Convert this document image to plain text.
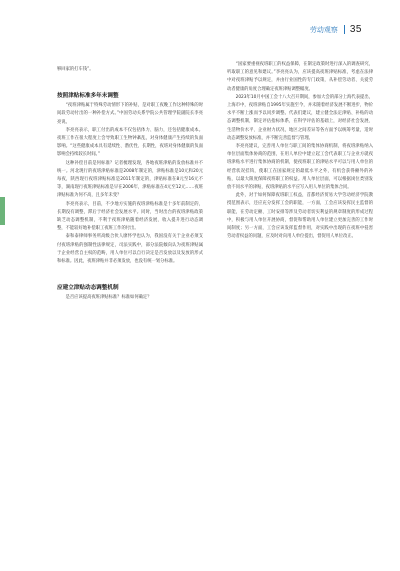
劳动观察 35

够回家的打车钱”。

按照津贴标准多年未调整

“夜班津贴属于特殊劳动情形下的补贴，是对职工夜晚工作这种特殊的时间段劳动付出的一种补偿方式。”中国劳动关系学院公共管理学院副院长李亮亮说。

李亮亮表示，职工付出的成本不仅包括体力、脑力，还包括健康成本。夜班工作在很大程度上会导致职工生物钟紊乱，对身体健康产生持续的负面影响。“这些健康成本具有延续性、潜伏性、长期性，夜班对身体健康的负面影响会持续较长时间。”

这种补偿目前是何标准？记者梳理发现，各地夜班津贴的发放标准并不统一。河北现行的夜班津贴标准是2008年制定的，津贴标准是10元和20元每夜，陕西现行夜班津贴标准是2011年制定的，津贴标准在8元至16元不等，湖南现行夜班津贴标准是早在2006年，津贴标准在4元至12元……夜班津贴标准为何不高，且多年未变？

李亮亮表示，目前，不少地方实施的夜班津贴标准是十多年前制定的，长期没有调整，滞后于经济社会发展水平。同时，当时出台的夜班津贴政策缺乏动态调整机制，不利于夜班津贴随着经济发展、收入提升进行动态调整，不能较好地补偿职工夜班工作的付出。

泰和泰律师事务所高级合伙人廖怀学也认为，我国没有关于企业必须支付夜班津贴的强制性法律规定，司法实践中，部分法院倾向认为夜班津贴属于企业经营自主权的范畴，用人单位可以自行决定是否发放以及发放的形式和标准。因此，夜班津贴并非必须发放，也没有统一划分标准。

应建立津贴动态调整机制

是否应该提高夜班津贴标准？标准如何确定？

“国家要重视夜班职工的权益保障，在制定政策时进行深入的调查研究，听取职工的意见和建议。”李亮亮认为，应该提高夜班津贴标准，考虑在法律中对夜班津贴予以规定，并由行业国性的专门政策，从补偿劳动者、关爱劳动者健康的角度合理确定夜班津贴调整幅度。

2023年10月中国工会十八大召开期间，参加大会的部分上海代表提出，上海市中，夜班津贴自1995年实施至今，并未随着经济发展不断进步，物价水平不断上涨而予以同步调整。代表们建议，建立健全法定津贴、补贴的动态调整机制，制定评估指标体系，在科学评估的基础上，对经济社会发展、生活物价水平、企业财力状况，地区之间差异等各方面予以统筹考量，适时动态调整发放标准，并不断完善监督与管理。

李亮亮建议，完善用人单位与职工间的集体协商机制，将夜班津贴纳入单位层面集体协商的范围，在用人单位中建立起工会代表职工与企业方就夜班津贴水平进行集体协商的机制，使夜班职工的津贴水平可以与用人单位的经营状况挂钩，使职工在国家规定的最低水平之外，有机会获得额外的补贴，以最大限度保障夜班职工的权益。用人单位层面，可以根据岗位类别发放不同水平的津贴，夜班津贴的水平应写入用人单位的集体合同。

此外，对于如何保障夜班职工权益，首都经济贸易大学劳动经济学院教授范围表示，还应充分发挥工会的职能，一方面，工会应该发挥民主监督的职能，在劳动定额、工时安排等涉及劳动者切实利益的规章制度的形成过程中，积极与用人单位开展协商，督促和帮助用人单位建立更加完善的工作时间制度；另一方面，工会应该发挥监督作用，对实践中出现的在夜班中侵害劳动者权益的问题，应及时对向用人单位提出，督促用人单位改正。
